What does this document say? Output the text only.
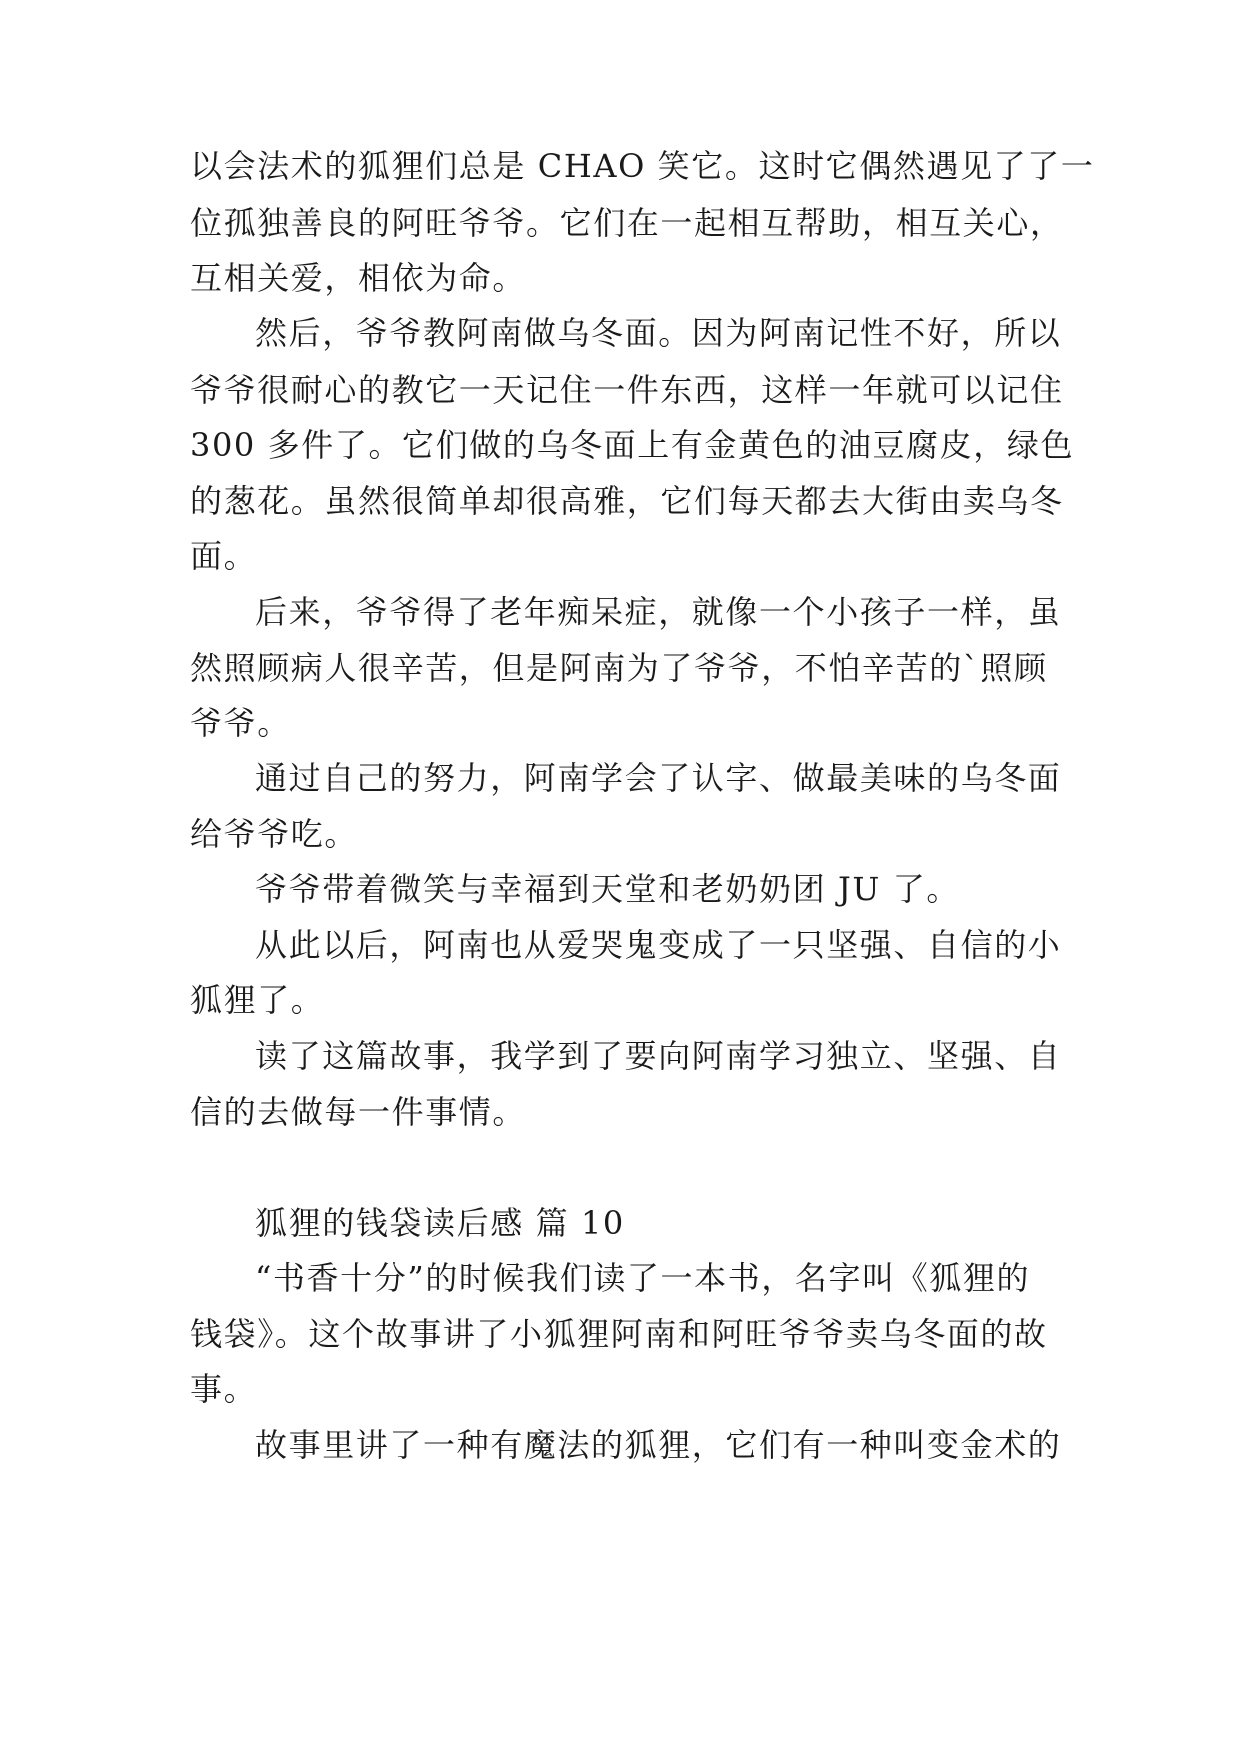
以会法术的狐狸们总是 CHAO 笑它。这时它偶然遇见了了一
位孤独善良的阿旺爷爷。它们在一起相互帮助，相互关心，
互相关爱，相依为命。
然后，爷爷教阿南做乌冬面。因为阿南记性不好，所以
爷爷很耐心的教它一天记住一件东西，这样一年就可以记住
300 多件了。它们做的乌冬面上有金黄色的油豆腐皮，绿色
的葱花。虽然很简单却很高雅，它们每天都去大街由卖乌冬
面。
后来，爷爷得了老年痴呆症，就像一个小孩子一样，虽
然照顾病人很辛苦，但是阿南为了爷爷，不怕辛苦的`照顾
爷爷。
通过自己的努力，阿南学会了认字、做最美味的乌冬面
给爷爷吃。
爷爷带着微笑与幸福到天堂和老奶奶团 JU 了。
从此以后，阿南也从爱哭鬼变成了一只坚强、自信的小
狐狸了。
读了这篇故事，我学到了要向阿南学习独立、坚强、自
信的去做每一件事情。
狐狸的钱袋读后感 篇 10
“书香十分”的时候我们读了一本书，名字叫《狐狸的
钱袋》。这个故事讲了小狐狸阿南和阿旺爷爷卖乌冬面的故
事。
故事里讲了一种有魔法的狐狸，它们有一种叫变金术的
